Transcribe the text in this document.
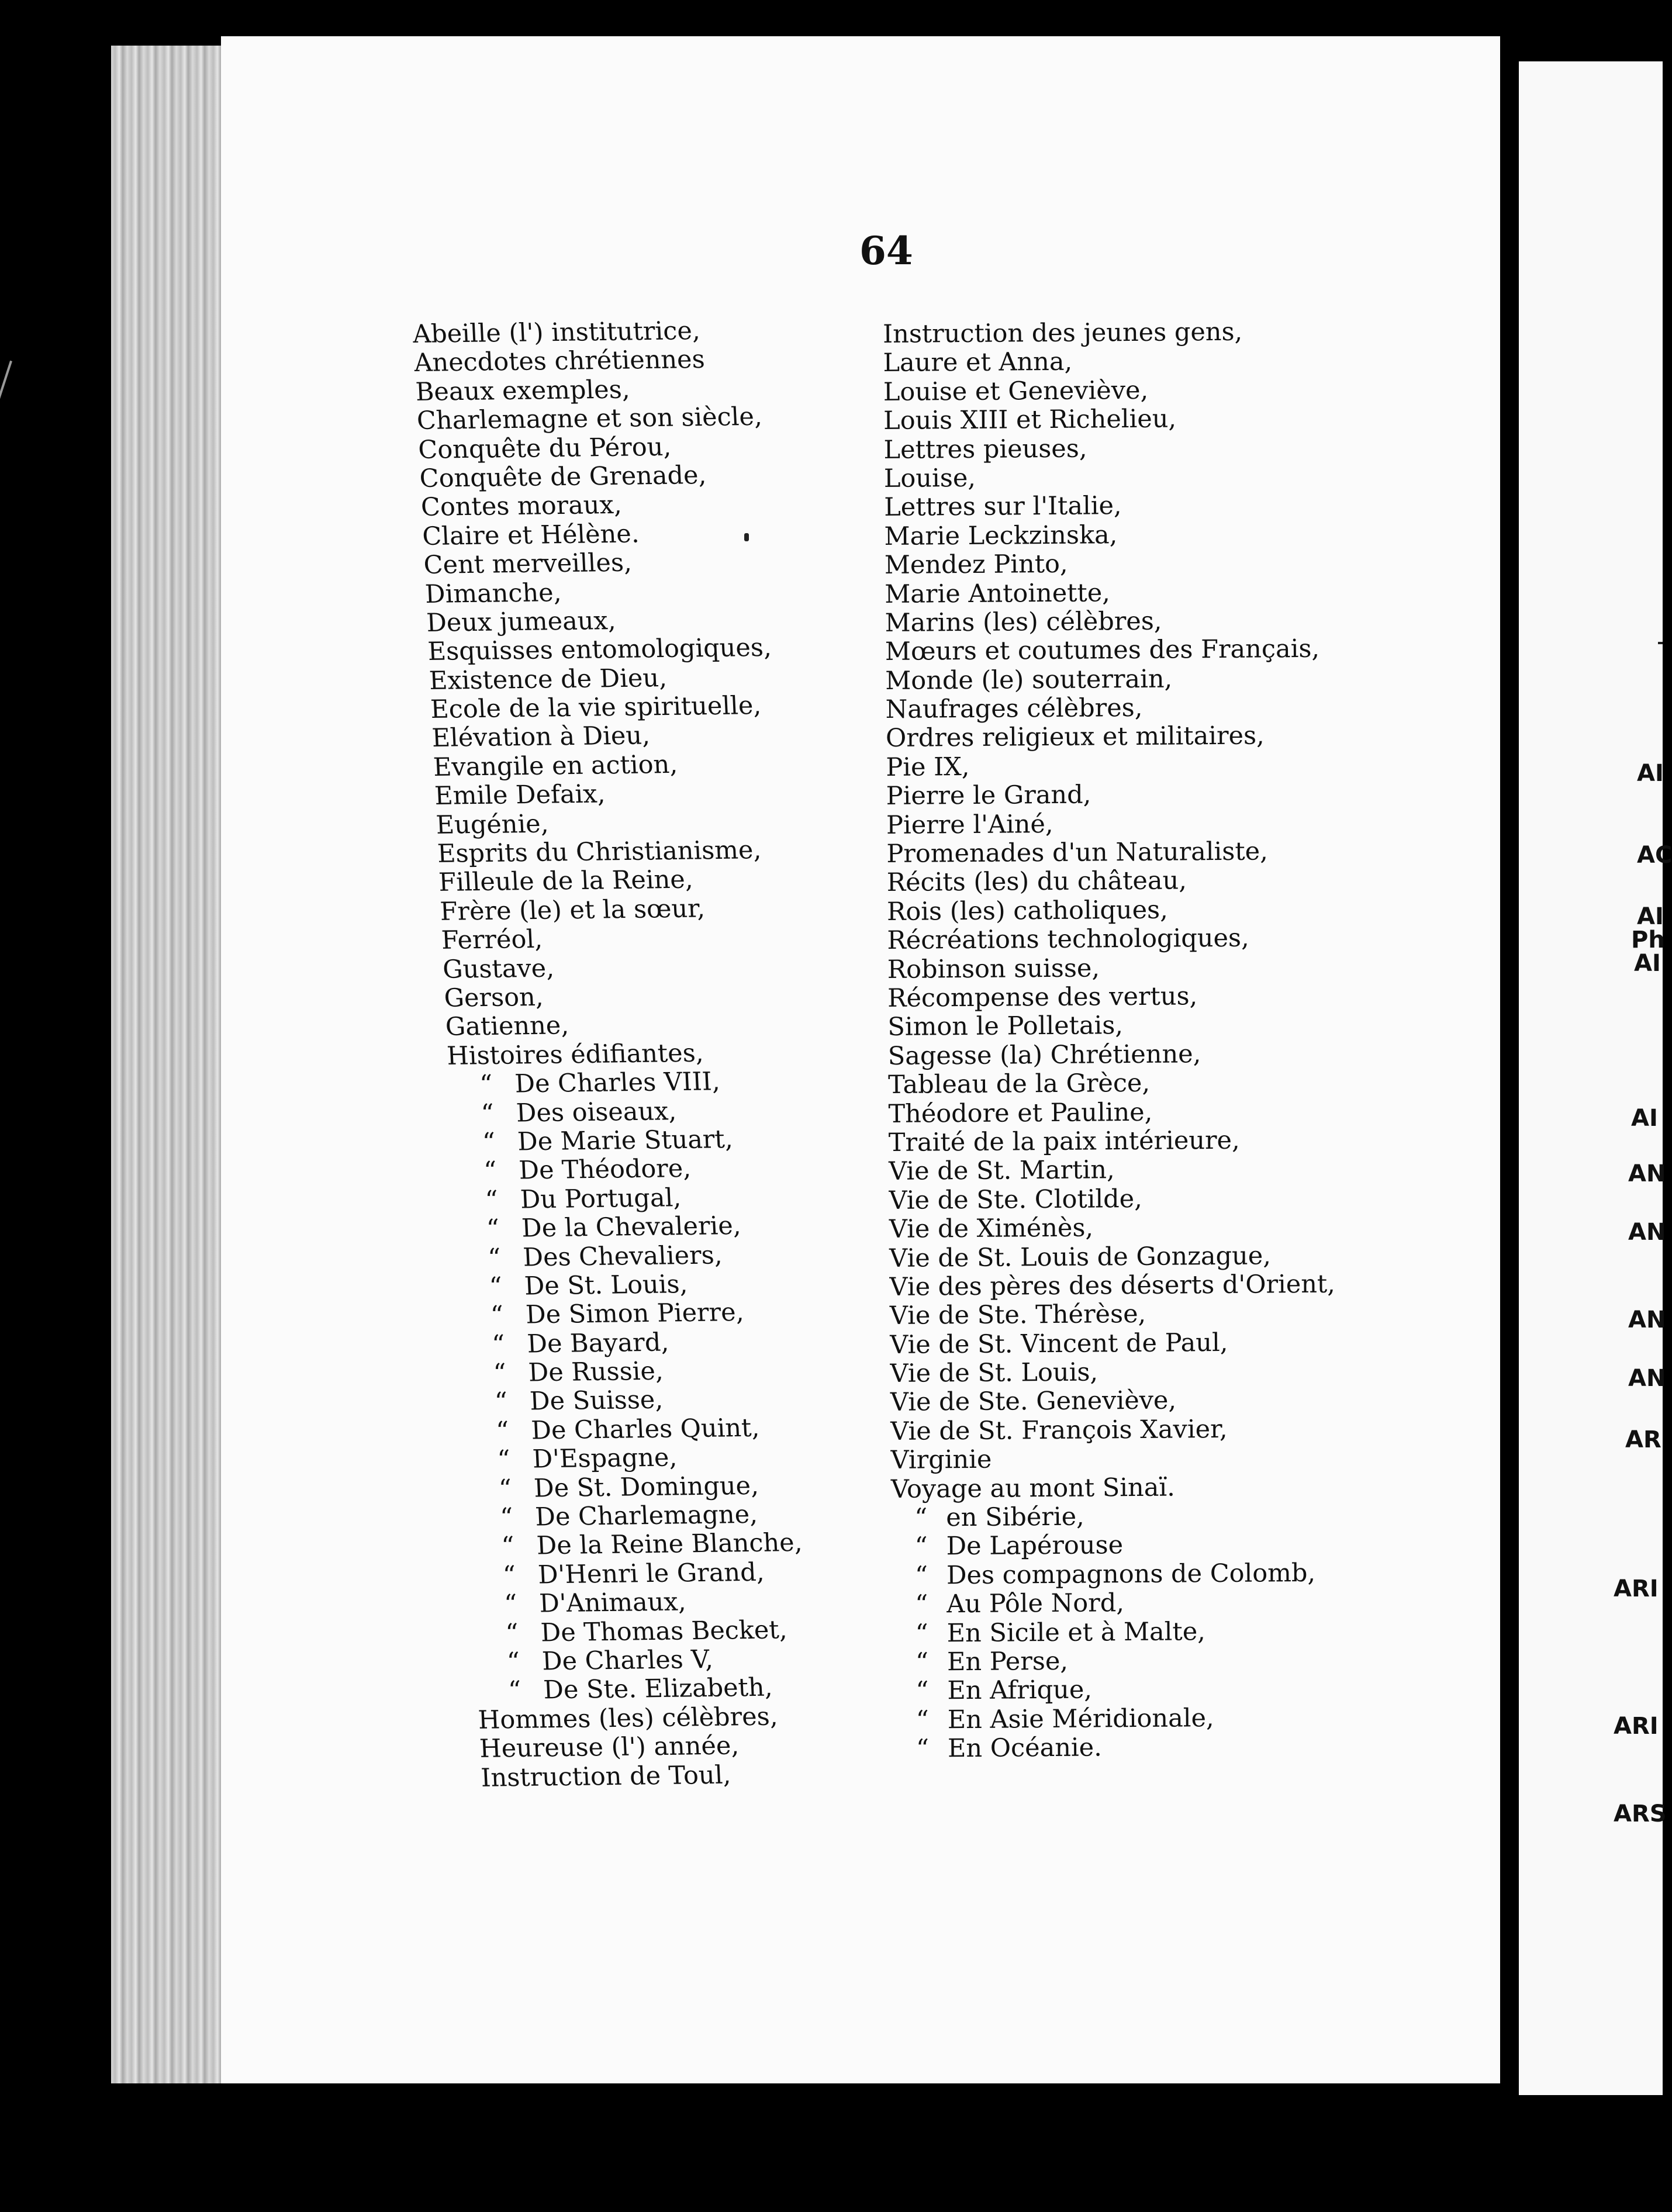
64
Abeille (l') institutrice,
Anecdotes chrétiennes
Beaux exemples,
Charlemagne et son siècle,
Conquête du Pérou,
Conquête de Grenade,
Contes moraux,
Claire et Hélène.
Cent merveilles,
Dimanche,
Deux jumeaux,
Esquisses entomologiques,
Existence de Dieu,
Ecole de la vie spirituelle,
Elévation à Dieu,
Evangile en action,
Emile Defaix,
Eugénie,
Esprits du Christianisme,
Filleule de la Reine,
Frère (le) et la sœur,
Ferréol,
Gustave,
Gerson,
Gatienne,
Histoires édifiantes,
“ De Charles VIII,
“ Des oiseaux,
“ De Marie Stuart,
“ De Théodore,
“ Du Portugal,
“ De la Chevalerie,
“ Des Chevaliers,
“ De St. Louis,
“ De Simon Pierre,
“ De Bayard,
“ De Russie,
“ De Suisse,
“ De Charles Quint,
“ D'Espagne,
“ De St. Domingue,
“ De Charlemagne,
“ De la Reine Blanche,
“ D'Henri le Grand,
“ D'Animaux,
“ De Thomas Becket,
“ De Charles V,
“ De Ste. Elizabeth,
Hommes (les) célèbres,
Heureuse (l') année,
Instruction de Toul,
Instruction des jeunes gens,
Laure et Anna,
Louise et Geneviève,
Louis XIII et Richelieu,
Lettres pieuses,
Louise,
Lettres sur l'Italie,
Marie Leckzinska,
Mendez Pinto,
Marie Antoinette,
Marins (les) célèbres,
Mœurs et coutumes des Français,
Monde (le) souterrain,
Naufrages célèbres,
Ordres religieux et militaires,
Pie IX,
Pierre le Grand,
Pierre l'Ainé,
Promenades d'un Naturaliste,
Récits (les) du château,
Rois (les) catholiques,
Récréations technologiques,
Robinson suisse,
Récompense des vertus,
Simon le Polletais,
Sagesse (la) Chrétienne,
Tableau de la Grèce,
Théodore et Pauline,
Traité de la paix intérieure,
Vie de St. Martin,
Vie de Ste. Clotilde,
Vie de Ximénès,
Vie de St. Louis de Gonzague,
Vie des pères des déserts d'Orient,
Vie de Ste. Thérèse,
Vie de St. Vincent de Paul,
Vie de St. Louis,
Vie de Ste. Geneviève,
Vie de St. François Xavier,
Virginie
Voyage au mont Sinaï.
“ en Sibérie,
“ De Lapérouse
“ Des compagnons de Colomb,
“ Au Pôle Nord,
“ En Sicile et à Malte,
“ En Perse,
“ En Afrique,
“ En Asie Méridionale,
“ En Océanie.
AI
AC
AI
Ph
AI
AI
AN
AN
AN
AN
AR
ARI
ARI
ARS
